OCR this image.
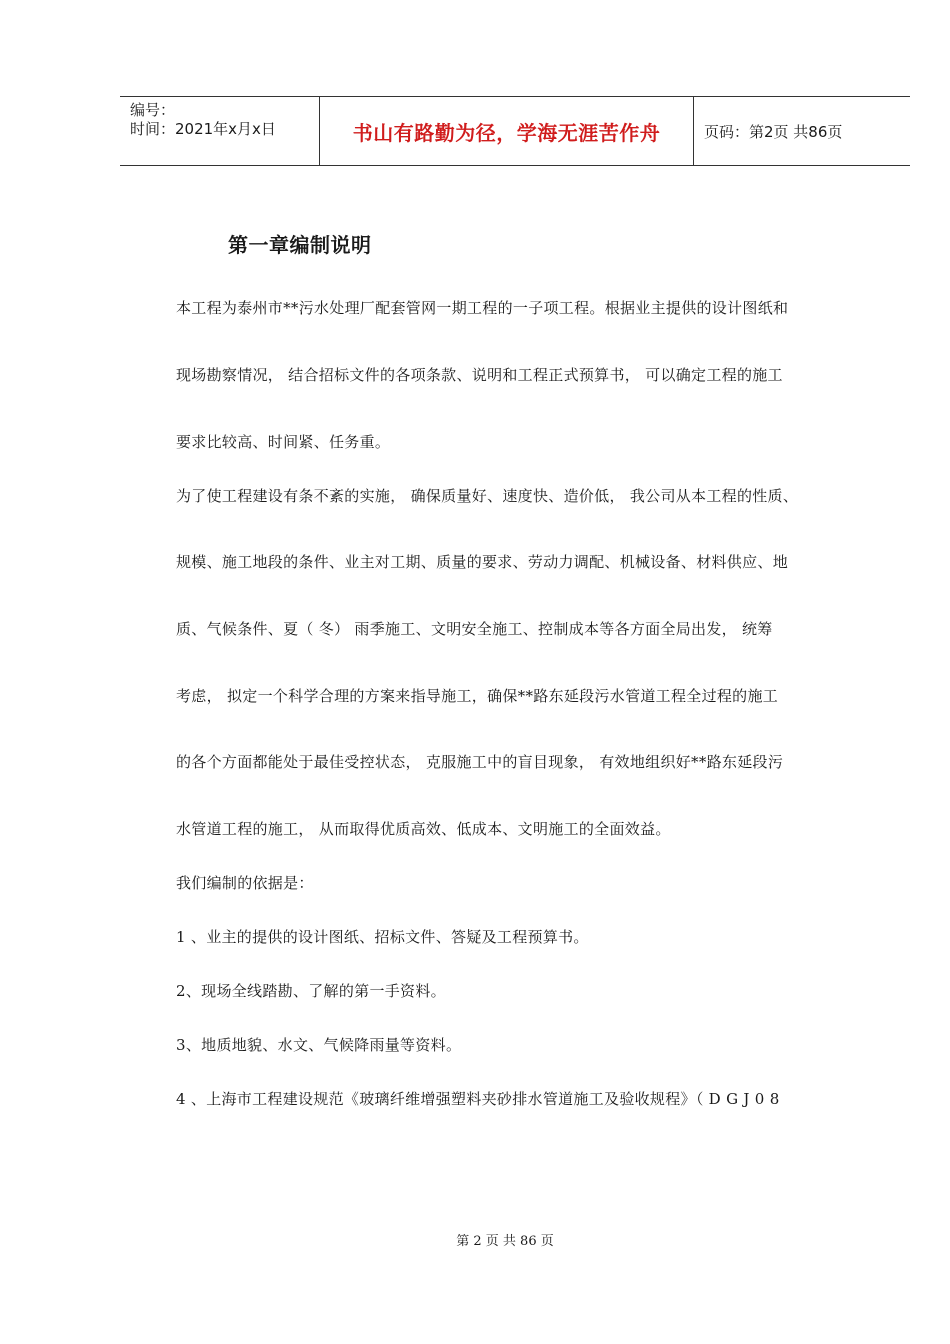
编号：
时间：2021年x月x日	书山有路勤为径，学海无涯苦作舟	页码：第2页 共86页
第一章编制说明

本工程为泰州市**污水处理厂配套管网一期工程的一子项工程。根据业主提供的设计图纸和

现场勘察情况， 结合招标文件的各项条款、说明和工程正式预算书， 可以确定工程的施工

要求比较高、时间紧、任务重。

为了使工程建设有条不紊的实施， 确保质量好、速度快、造价低， 我公司从本工程的性质、

规模、施工地段的条件、业主对工期、质量的要求、劳动力调配、机械设备、材料供应、地

质、气候条件、夏（ 冬） 雨季施工、文明安全施工、控制成本等各方面全局出发， 统筹

考虑， 拟定一个科学合理的方案来指导施工，确保**路东延段污水管道工程全过程的施工

的各个方面都能处于最佳受控状态， 克服施工中的盲目现象， 有效地组织好**路东延段污

水管道工程的施工， 从而取得优质高效、低成本、文明施工的全面效益。

我们编制的依据是：

1 、业主的提供的设计图纸、招标文件、答疑及工程预算书。

2、现场全线踏勘、了解的第一手资料。

3、地质地貌、水文、气候降雨量等资料。

4 、上海市工程建设规范《玻璃纤维增强塑料夹砂排水管道施工及验收规程》（ D G J 0 8

第 2 页 共 86 页
